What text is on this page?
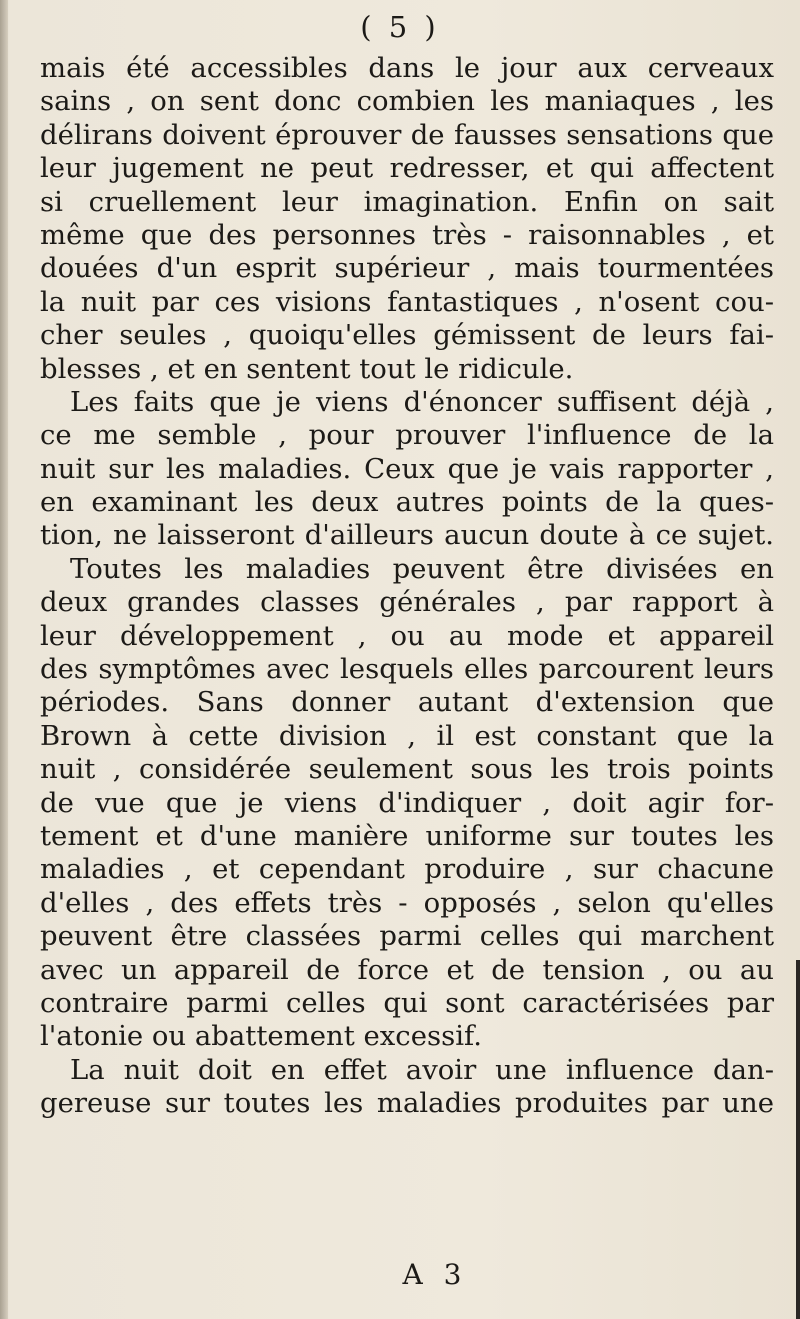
( 5 )
mais été accessibles dans le jour aux cerveaux
sains , on sent donc combien les maniaques , les
délirans doivent éprouver de fausses sensations que
leur jugement ne peut redresser, et qui affectent
si cruellement leur imagination. Enfin on sait
même que des personnes très - raisonnables , et
douées d'un esprit supérieur , mais tourmentées
la nuit par ces visions fantastiques , n'osent cou-
cher seules , quoiqu'elles gémissent de leurs fai-
blesses , et en sentent tout le ridicule.
Les faits que je viens d'énoncer suffisent déjà ,
ce me semble , pour prouver l'influence de la
nuit sur les maladies. Ceux que je vais rapporter ,
en examinant les deux autres points de la ques-
tion, ne laisseront d'ailleurs aucun doute à ce sujet.
Toutes les maladies peuvent être divisées en
deux grandes classes générales , par rapport à
leur développement , ou au mode et appareil
des symptômes avec lesquels elles parcourent leurs
périodes. Sans donner autant d'extension que
Brown à cette division , il est constant que la
nuit , considérée seulement sous les trois points
de vue que je viens d'indiquer , doit agir for-
tement et d'une manière uniforme sur toutes les
maladies , et cependant produire , sur chacune
d'elles , des effets très - opposés , selon qu'elles
peuvent être classées parmi celles qui marchent
avec un appareil de force et de tension , ou au
contraire parmi celles qui sont caractérisées par
l'atonie ou abattement excessif.
La nuit doit en effet avoir une influence dan-
gereuse sur toutes les maladies produites par une
A 3
